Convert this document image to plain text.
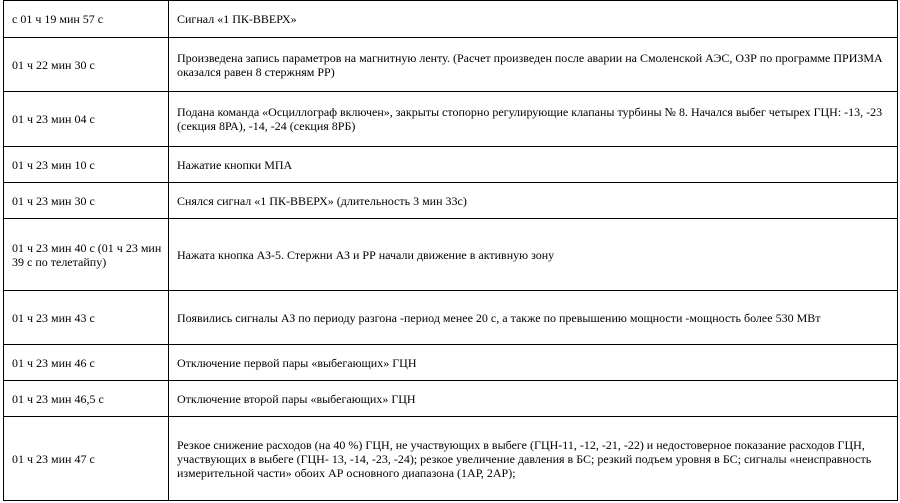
с 01 ч 19 мин 57 с	Сигнал «1 ПК-ВВЕРХ»
01 ч 22 мин 30 с	Произведена запись параметров на магнитную ленту. (Расчет произведен после аварии на Смоленской АЭС, ОЗР по программе ПРИЗМА оказался равен 8 стержням РР)
01 ч 23 мин 04 с	Подана команда «Осциллограф включен», закрыты стопорно регулирующие клапаны турбины № 8. Начался выбег четырех ГЦН: -13, -23 (секция 8РА), -14, -24 (секция 8РБ)
01 ч 23 мин 10 с	Нажатие кнопки МПА
01 ч 23 мин 30 с	Снялся сигнал «1 ПК-ВВЕРХ» (длительность 3 мин 33с)
01 ч 23 мин 40 с (01 ч 23 мин 39 с по телетайпу)	Нажата кнопка АЗ-5. Стержни АЗ и РР начали движение в активную зону
01 ч 23 мин 43 с	Появились сигналы АЗ по периоду разгона -период менее 20 с, а также по превышению мощности -мощность более 530 МВт
01 ч 23 мин 46 с	Отключение первой пары «выбегающих» ГЦН
01 ч 23 мин 46,5 с	Отключение второй пары «выбегающих» ГЦН
01 ч 23 мин 47 с	Резкое снижение расходов (на 40 %) ГЦН, не участвующих в выбеге (ГЦН-11, -12, -21, -22) и недостоверное показание расходов ГЦН, участвующих в выбеге (ГЦН- 13, -14, -23, -24); резкое увеличение давления в БС; резкий подъем уровня в БС; сигналы «неисправность измерительной части» обоих АР основного диапазона (1АР, 2АР);
